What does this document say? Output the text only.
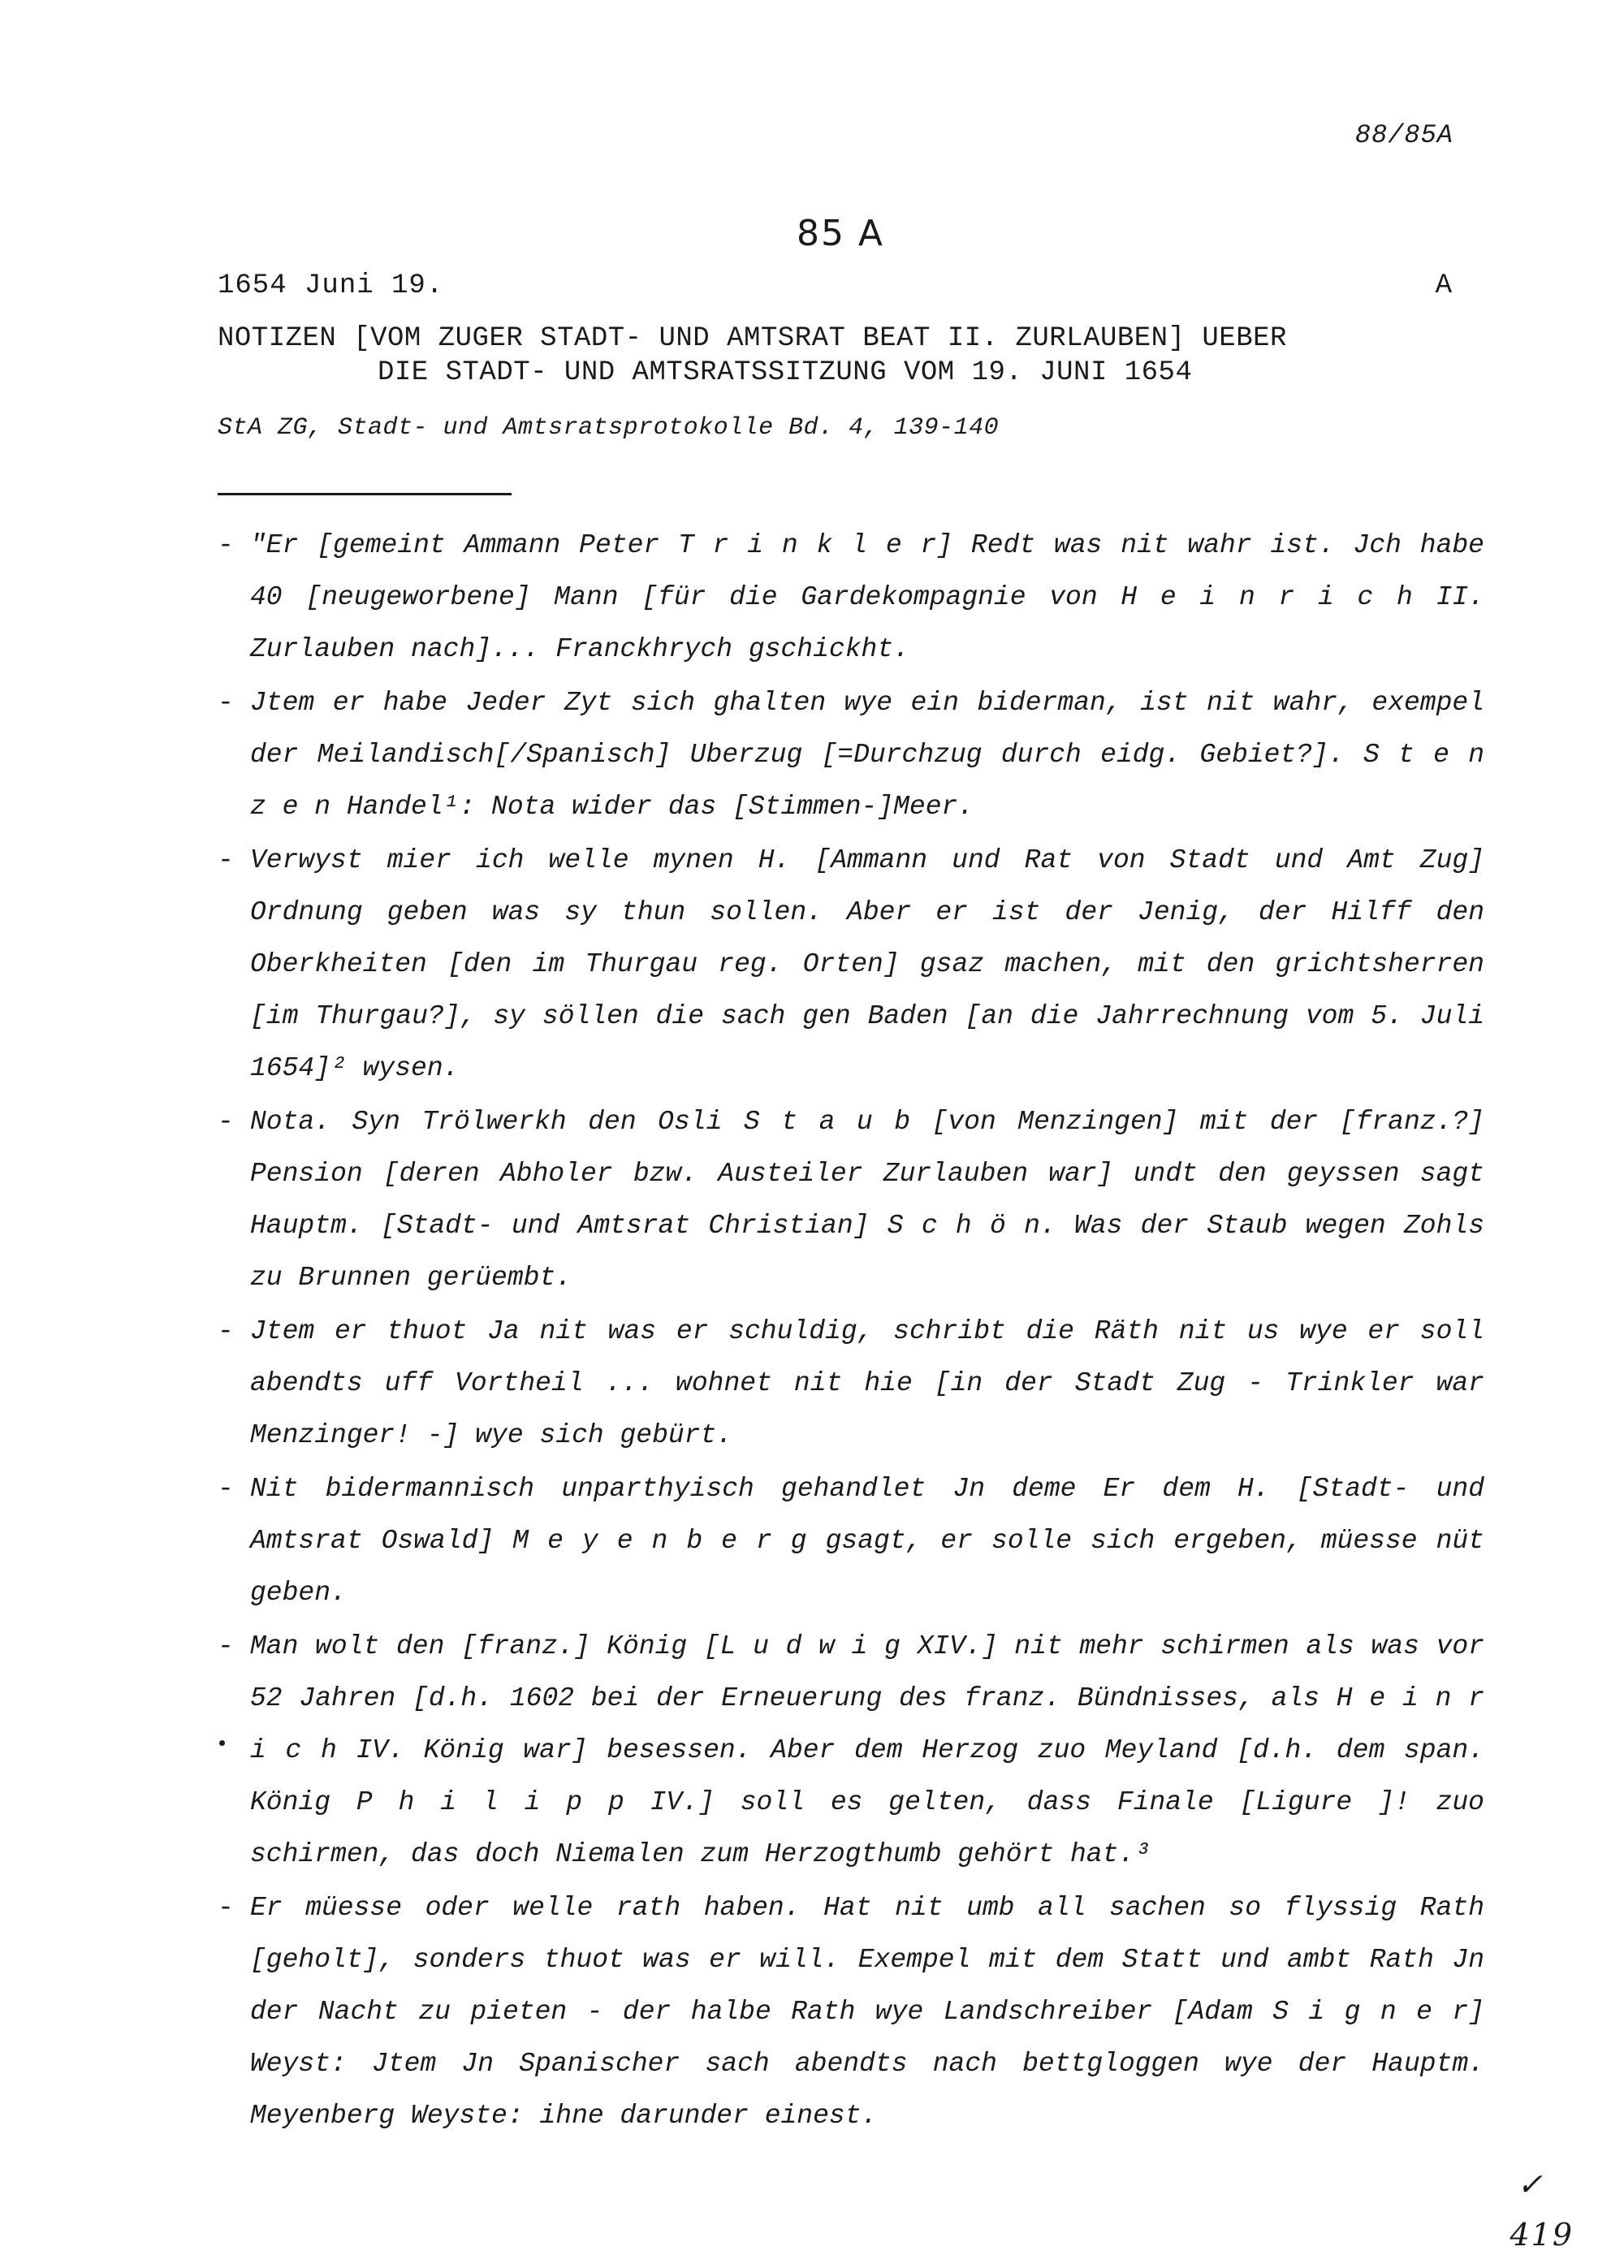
88/85A
85 A
1654 Juni 19.	A
NOTIZEN [VOM ZUGER STADT- UND AMTSRAT BEAT II. ZURLAUBEN] UEBER
DIE STADT- UND AMTSRATSSITZUNG VOM 19. JUNI 1654
StA ZG, Stadt- und Amtsratsprotokolle Bd. 4, 139-140
- "Er [gemeint Ammann Peter T r i n k l e r] Redt was nit wahr ist. Jch habe 40 [neugeworbene] Mann [für die Gardekompagnie von H e i n r i c h II. Zurlauben nach]... Franckhrych gschickht.
- Jtem er habe Jeder Zyt sich ghalten wye ein biderman, ist nit wahr, exempel der Meilandisch[/Spanisch] Uberzug [=Durchzug durch eidg. Gebiet?]. S t e n z e n Handel¹: Nota wider das [Stimmen-]Meer.
- Verwyst mier ich welle mynen H. [Ammann und Rat von Stadt und Amt Zug] Ordnung geben was sy thun sollen. Aber er ist der Jenig, der Hilff den Oberkheiten [den im Thurgau reg. Orten] gsaz machen, mit den grichtsherren [im Thurgau?], sy söllen die sach gen Baden [an die Jahrrechnung vom 5. Juli 1654]² wysen.
- Nota. Syn Trölwerkh den Osli S t a u b [von Menzingen] mit der [franz.?] Pension [deren Abholer bzw. Austeiler Zurlauben war] undt den geyssen sagt Hauptm. [Stadt- und Amtsrat Christian] S c h ö n. Was der Staub wegen Zohls zu Brunnen gerüembt.
- Jtem er thuot Ja nit was er schuldig, schribt die Räth nit us wye er soll abendts uff Vortheil ... wohnet nit hie [in der Stadt Zug - Trinkler war Menzinger! -] wye sich gebürt.
- Nit bidermannisch unparthyisch gehandlet Jn deme Er dem H. [Stadt- und Amtsrat Oswald] M e y e n b e r g gsagt, er solle sich ergeben, müesse nüt geben.
- Man wolt den [franz.] König [L u d w i g XIV.] nit mehr schirmen als was vor 52 Jahren [d.h. 1602 bei der Erneuerung des franz. Bündnisses, als H e i n r i c h IV. König war] besessen. Aber dem Herzog zuo Meyland [d.h. dem span. König P h i l i p p IV.] soll es gelten, dass Finale [Ligure ]! zuo schirmen, das doch Niemalen zum Herzogthumb gehört hat.³
- Er müesse oder welle rath haben. Hat nit umb all sachen so flyssig Rath [geholt], sonders thuot was er will. Exempel mit dem Statt und ambt Rath Jn der Nacht zu pieten - der halbe Rath wye Landschreiber [Adam S i g n e r] Weyst: Jtem Jn Spanischer sach abendts nach bettgloggen wye der Hauptm. Meyenberg Weyste: ihne darunder einest.
✓
419
